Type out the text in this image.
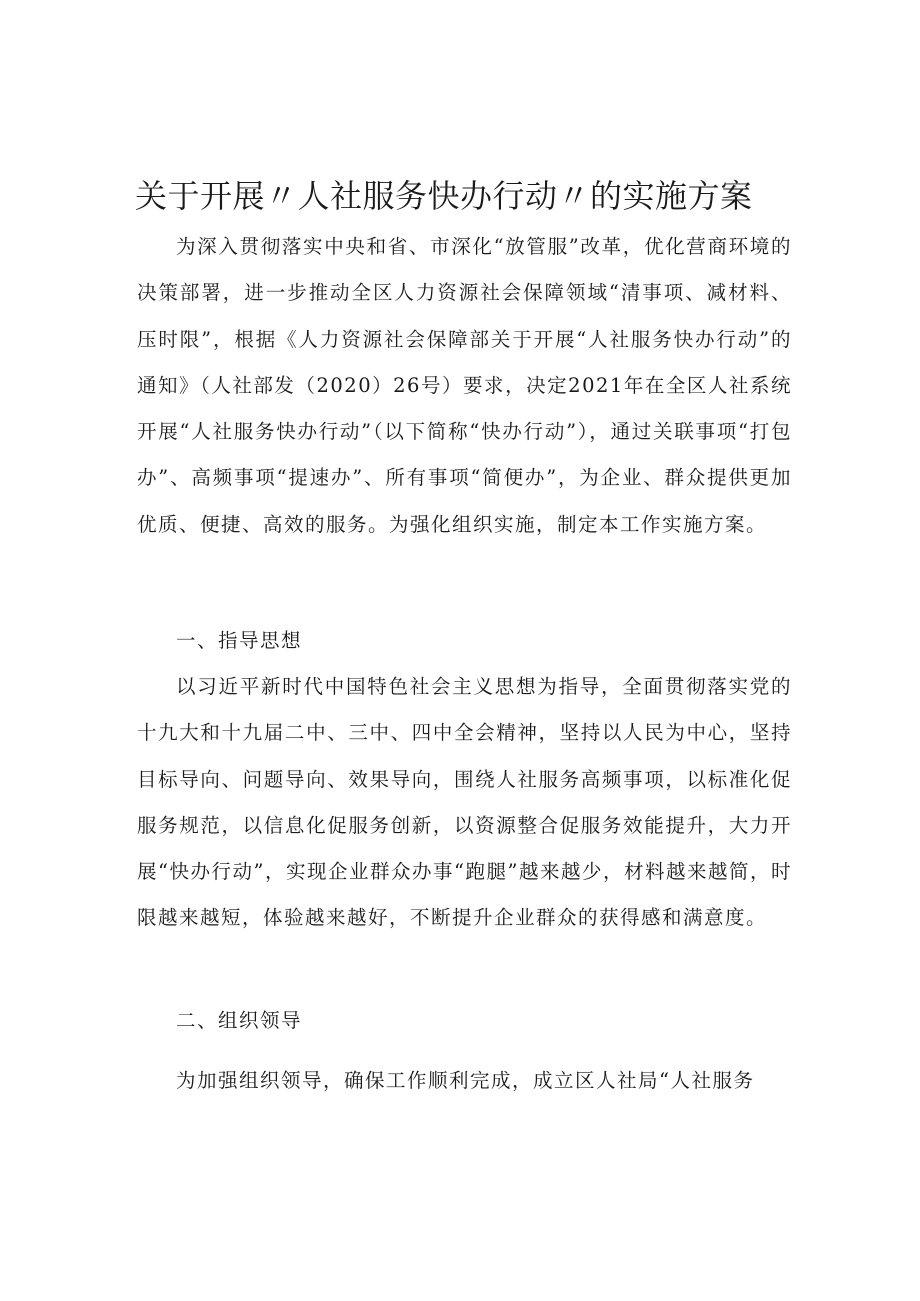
关于开展〃人社服务快办行动〃的实施方案

为深入贯彻落实中央和省、市深化“放管服”改革，优化营商环境的决策部署，进一步推动全区人力资源社会保障领域“清事项、减材料、压时限”，根据《人力资源社会保障部关于开展“人社服务快办行动”的通知》（人社部发（2020）26号）要求，决定2021年在全区人社系统开展“人社服务快办行动”（以下简称“快办行动”），通过关联事项“打包办”、高频事项“提速办”、所有事项“简便办”，为企业、群众提供更加优质、便捷、高效的服务。为强化组织实施，制定本工作实施方案。

一、指导思想

以习近平新时代中国特色社会主义思想为指导，全面贯彻落实党的十九大和十九届二中、三中、四中全会精神，坚持以人民为中心，坚持目标导向、问题导向、效果导向，围绕人社服务高频事项，以标准化促服务规范，以信息化促服务创新，以资源整合促服务效能提升，大力开展“快办行动”，实现企业群众办事“跑腿”越来越少，材料越来越简，时限越来越短，体验越来越好，不断提升企业群众的获得感和满意度。

二、组织领导

为加强组织领导，确保工作顺利完成，成立区人社局“人社服务
